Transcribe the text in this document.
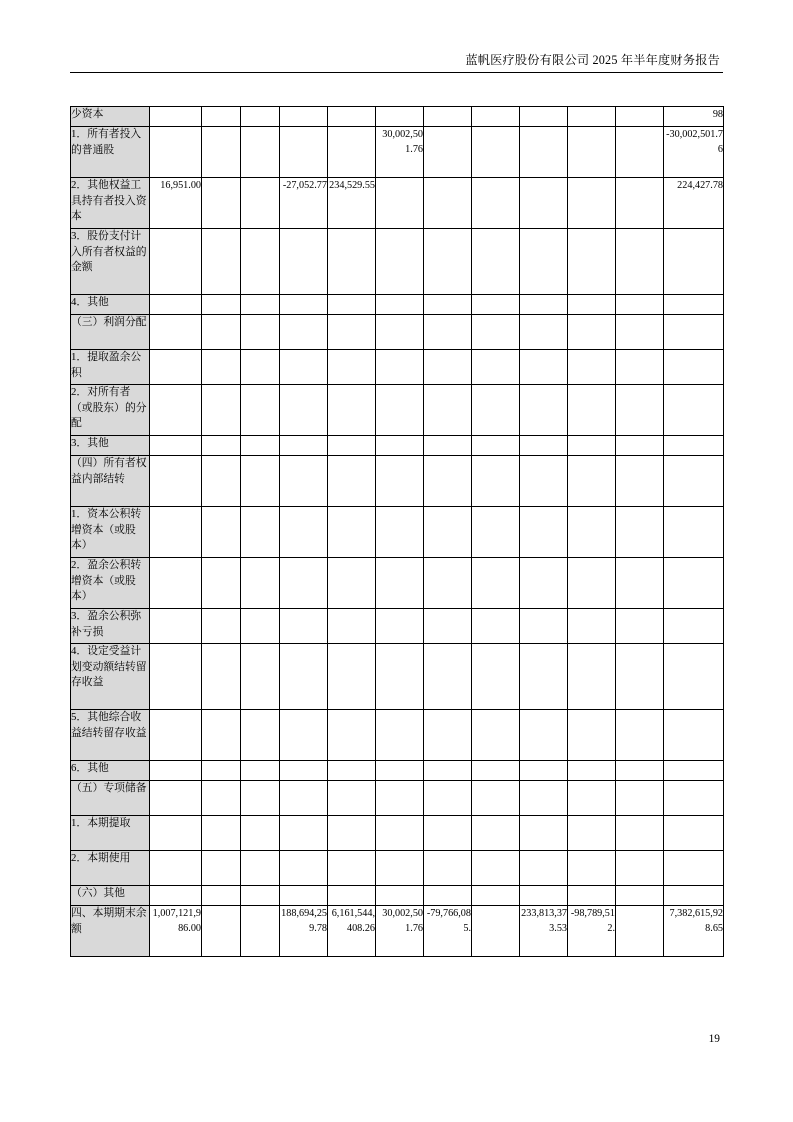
蓝帆医疗股份有限公司 2025 年半年度财务报告
少资本												98

1．所有者投入的普通股						30,002,501.76						-30,002,501.76

2．其他权益工具持有者投入资本	16,951.00			-27,052.77	234,529.55							224,427.78

3．股份支付计入所有者权益的金额												
4．其他												
（三）利润分配												
1．提取盈余公积												
2．对所有者（或股东）的分配												
3．其他												
（四）所有者权益内部结转												
1．资本公积转增资本（或股本）												
2．盈余公积转增资本（或股本）												
3．盈余公积弥补亏损												
4．设定受益计划变动额结转留存收益												
5．其他综合收益结转留存收益												
6．其他												
（五）专项储备												
1．本期提取												
2．本期使用												
（六）其他												
四、本期期末余额	1,007,121,986.00			188,694,259.78	6,161,544,408.26	30,002,501.76	-79,766,085.		233,813,373.53	-98,789,512.		7,382,615,928.65
19
